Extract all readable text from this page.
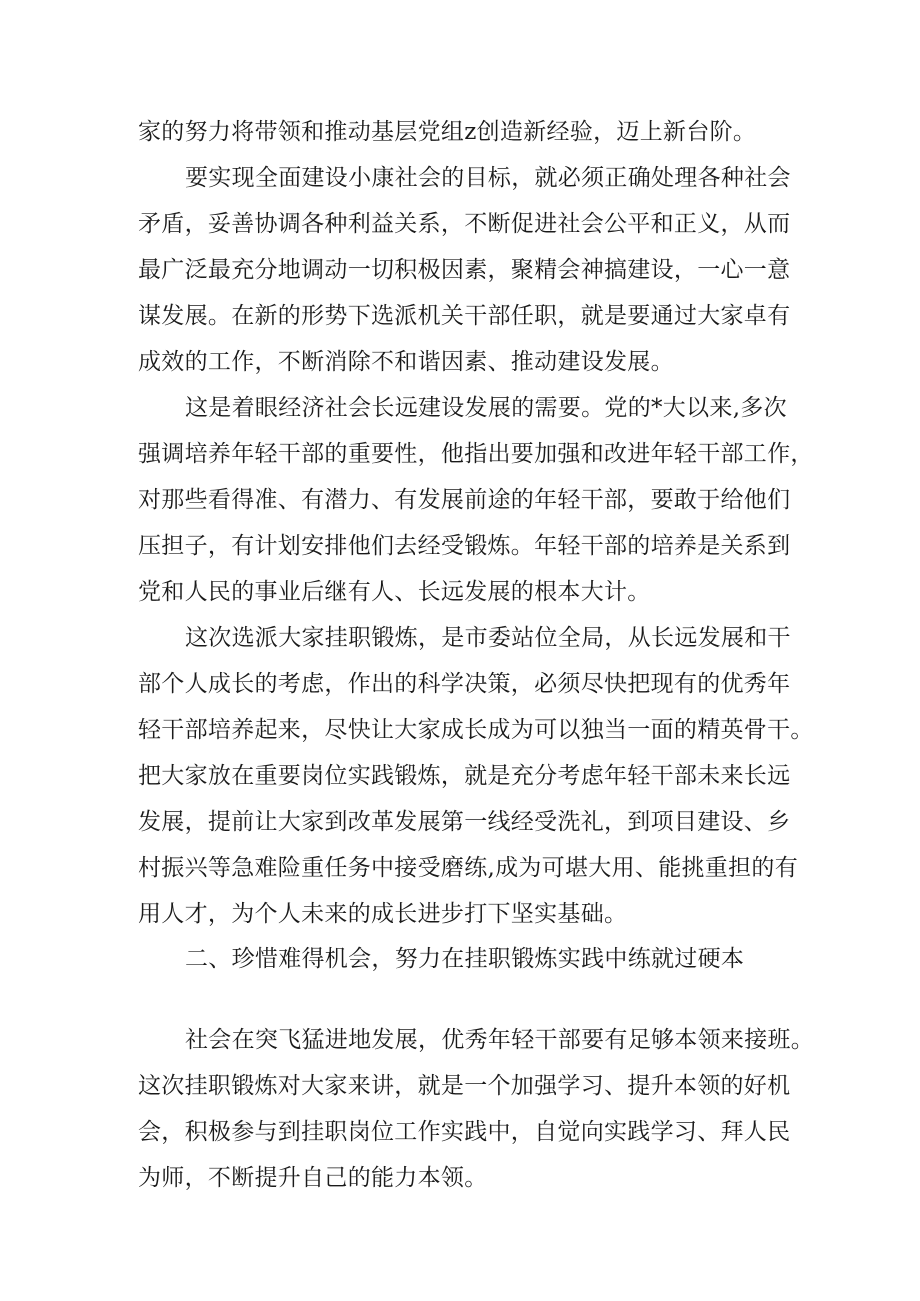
家的努力将带领和推动基层党组z创造新经验，迈上新台阶。
要实现全面建设小康社会的目标，就必须正确处理各种社会
矛盾，妥善协调各种利益关系，不断促进社会公平和正义，从而
最广泛最充分地调动一切积极因素，聚精会神搞建设，一心一意
谋发展。在新的形势下选派机关干部任职，就是要通过大家卓有
成效的工作，不断消除不和谐因素、推动建设发展。
这是着眼经济社会长远建设发展的需要。党的*大以来,多次
强调培养年轻干部的重要性，他指出要加强和改进年轻干部工作，
对那些看得准、有潜力、有发展前途的年轻干部，要敢于给他们
压担子，有计划安排他们去经受锻炼。年轻干部的培养是关系到
党和人民的事业后继有人、长远发展的根本大计。
这次选派大家挂职锻炼，是市委站位全局，从长远发展和干
部个人成长的考虑，作出的科学决策，必须尽快把现有的优秀年
轻干部培养起来，尽快让大家成长成为可以独当一面的精英骨干。
把大家放在重要岗位实践锻炼，就是充分考虑年轻干部未来长远
发展，提前让大家到改革发展第一线经受洗礼，到项目建设、乡
村振兴等急难险重任务中接受磨练,成为可堪大用、能挑重担的有
用人才，为个人未来的成长进步打下坚实基础。
二、珍惜难得机会，努力在挂职锻炼实践中练就过硬本
社会在突飞猛进地发展，优秀年轻干部要有足够本领来接班。
这次挂职锻炼对大家来讲，就是一个加强学习、提升本领的好机
会，积极参与到挂职岗位工作实践中，自觉向实践学习、拜人民
为师，不断提升自己的能力本领。
